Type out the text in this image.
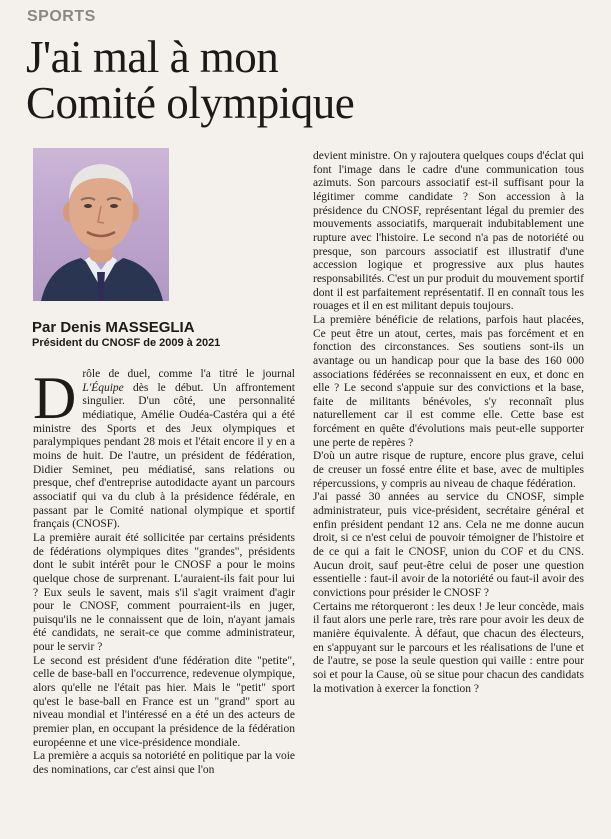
SPORTS
J'ai mal à mon
Comité olympique
Par Denis MASSEGLIA
Président du CNOSF de 2009 à 2021

Drôle de duel, comme l'a titré le journal L'Équipe dès le début. Un affrontement singulier. D'un côté, une personnalité médiatique, Amélie Oudéa-Castéra qui a été ministre des Sports et des Jeux olympiques et paralympiques pendant 28 mois et l'était encore il y en a moins de huit. De l'autre, un président de fédération, Didier Seminet, peu médiatisé, sans relations ou presque, chef d'entreprise autodidacte ayant un parcours associatif qui va du club à la présidence fédérale, en passant par le Comité national olympique et sportif français (CNOSF).

La première aurait été sollicitée par certains présidents de fédérations olympiques dites "grandes", présidents dont le subit intérêt pour le CNOSF a pour le moins quelque chose de surprenant. L'auraient-ils fait pour lui ? Eux seuls le savent, mais s'il s'agit vraiment d'agir pour le CNOSF, comment pourraient-ils en juger, puisqu'ils ne le connaissent que de loin, n'ayant jamais été candidats, ne serait-ce que comme administrateur, pour le servir ?

Le second est président d'une fédération dite "petite", celle de base-ball en l'occurrence, redevenue olympique, alors qu'elle ne l'était pas hier. Mais le "petit" sport qu'est le base-ball en France est un "grand" sport au niveau mondial et l'intéressé en a été un des acteurs de premier plan, en occupant la présidence de la fédération européenne et une vice-présidence mondiale.

La première a acquis sa notoriété en politique par la voie des nominations, car c'est ainsi que l'on

devient ministre. On y rajoutera quelques coups d'éclat qui font l'image dans le cadre d'une communication tous azimuts. Son parcours associatif est-il suffisant pour la légitimer comme candidate ? Son accession à la présidence du CNOSF, représentant légal du premier des mouvements associatifs, marquerait indubitablement une rupture avec l'histoire. Le second n'a pas de notoriété ou presque, son parcours associatif est illustratif d'une accession logique et progressive aux plus hautes responsabilités. C'est un pur produit du mouvement sportif dont il est parfaitement représentatif. Il en connaît tous les rouages et il en est militant depuis toujours.

La première bénéficie de relations, parfois haut placées, Ce peut être un atout, certes, mais pas forcément et en fonction des circonstances. Ses soutiens sont-ils un avantage ou un handicap pour que la base des 160 000 associations fédérées se reconnaissent en eux, et donc en elle ? Le second s'appuie sur des convictions et la base, faite de militants bénévoles, s'y reconnaît plus naturellement car il est comme elle. Cette base est forcément en quête d'évolutions mais peut-elle supporter une perte de repères ?

D'où un autre risque de rupture, encore plus grave, celui de creuser un fossé entre élite et base, avec de multiples répercussions, y compris au niveau de chaque fédération.

J'ai passé 30 années au service du CNOSF, simple administrateur, puis vice-président, secrétaire général et enfin président pendant 12 ans. Cela ne me donne aucun droit, si ce n'est celui de pouvoir témoigner de l'histoire et de ce qui a fait le CNOSF, union du COF et du CNS. Aucun droit, sauf peut-être celui de poser une question essentielle : faut-il avoir de la notoriété ou faut-il avoir des convictions pour présider le CNOSF ?

Certains me rétorqueront : les deux ! Je leur concède, mais il faut alors une perle rare, très rare pour avoir les deux de manière équivalente. À défaut, que chacun des électeurs, en s'appuyant sur le parcours et les réalisations de l'une et de l'autre, se pose la seule question qui vaille : entre pour soi et pour la Cause, où se situe pour chacun des candidats la motivation à exercer la fonction ?
